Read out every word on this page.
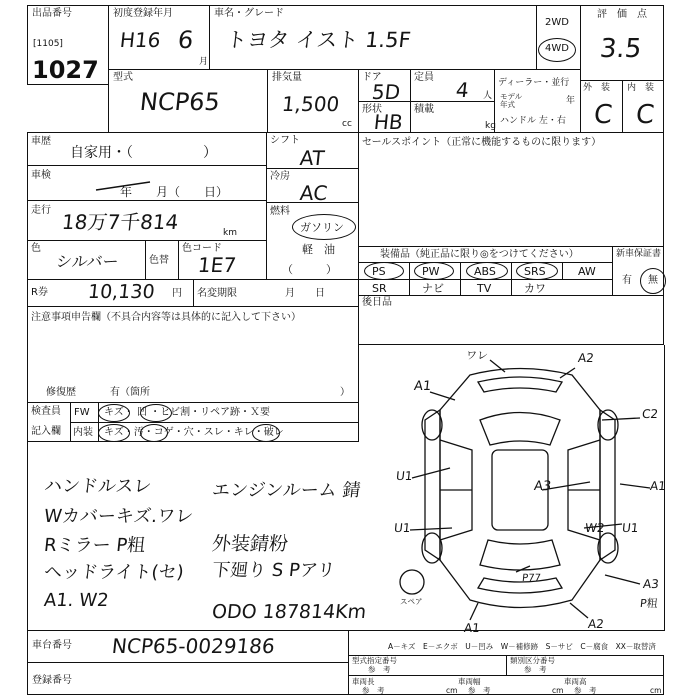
出品番号
[1105]
1027
初度登録年月
H16 6
月
車名・グレード
トヨタ イスト 1.5F
2WD
4WD
評　価　点
3.5
型式
NCP65
排気量
1,500
cc
ドア
5D
形状
HB
定員
4 人
積載
kg
ディーラー・並行
モデル
年式	年
ハンドル 左・右
外　装 内　装
C C
車歴
自家用・（　　　　　）
車検
年　　月（　　日）
走行 18万7千814	km
色
シルバー	色替
色コード
1E7
R券 10,130 円 名変期限	月　　日
シフト
AT
冷房
AC
燃料
ガソリン
軽　油
（　　　）
セールスポイント（正常に機能するものに限ります）
装備品（純正品に限り◎をつけてください）
PS	PW	ABS	SRS	AW
SR	ナビ	TV	カワ
新車保証書
有 無
後日品
注意事項申告欄（不具合内容等は具体的に記入して下さい）
修復歴	有（箇所	）
検査員
記入欄
FW
内装
キズ・ 凹 ・ヒビ割・リペア跡・Ｘ要
キズ・汚・コゲ・穴・スレ・キレ・破レ
ハンドルスレ
Wカバーキズ.ワレ
Rミラー P粗
ヘッドライト(セ)
A1. W2
エンジンルーム 錆
外装錆粉
下廻り S Pアリ
ODO 187814Km
ワレ	A2
A1
C2
A1
U1
A3
U1	W2 U1
P77	A3
P粗
A1	A2
スペア
A－キズ　E－エクボ　U－凹み　W－補修跡　S－サビ　C－腐食　XX－取替済
車台番号 NCP65-0029186
登録番号
型式指定番号
参　考
類別区分番号
参　考
車両長
参　考	cm
車両幅
参　考	cm
車両高
参　考	cm
